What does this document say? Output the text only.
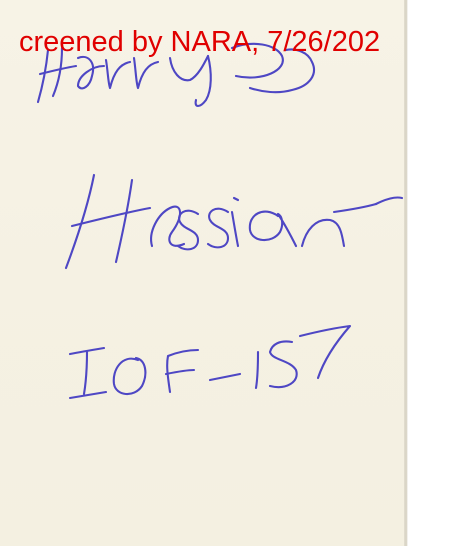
creened by NARA, 7/26/202
